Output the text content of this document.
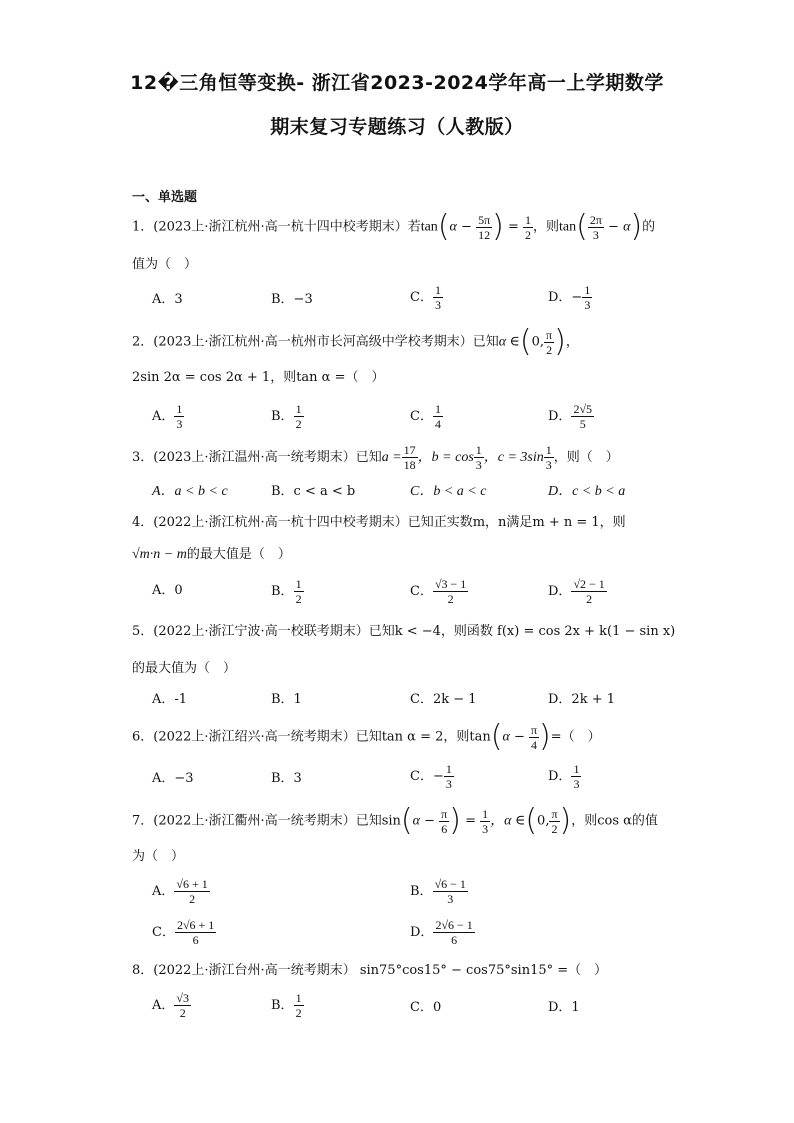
12�三角恒等变换- 浙江省2023-2024学年高一上学期数学
期末复习专题练习（人教版）
一、单选题
1．(2023上·浙江杭州·高一杭十四中校考期末）若$\tan(\alpha - \frac{5\pi}{12}$ ) = $\frac{1}{2}$ ，则$\tan( \frac{2\pi}{3} - \alpha)$的
值为（　）
A．3	B．−3	C． $\frac{1}{3}$	D．− $\frac{1}{3}$
2．(2023上·浙江杭州·高一杭州市长河高级中学校考期末）已知α ∈(0, $\frac{\pi}{2}$ )，
2sin 2α = cos 2α + 1，则tan α =（　）
A． $\frac{1}{3}$	B． $\frac{1}{2}$	C． $\frac{1}{4}$	D． $\frac{2√5}{5}$
3．(2023上·浙江温州·高一统考期末）已知$a = \frac{17}{18}$ ，$b = \cos \frac{1}{3}$ ，$c = 3\sin \frac{1}{3}$ ，则（　）
A．a < b < c	B．c < a < b	C．b < a < c	D．c < b < a
4．(2022上·浙江杭州·高一杭十四中校考期末）已知正实数m，n满足m + n = 1，则
√m·n − m的最大值是（　）
A．0	B． $\frac{1}{2}$	C． $\frac{√3 - 1}{2}$	D． $\frac{√2 - 1}{2}$
5．(2022上·浙江宁波·高一校联考期末）已知k < −4，则函数 f(x) = cos 2x + k(1 − sin x)
的最大值为（　）
A．-1	B．1	C．2k − 1	D．2k + 1
6．(2022上·浙江绍兴·高一统考期末）已知tan α = 2，则$\tan(\alpha - \frac{\pi}{4}$ )=（　）
A．−3	B．3	C．− $\frac{1}{3}$	D． $\frac{1}{3}$
7．(2022上·浙江衢州·高一统考期末）已知$\sin(\alpha - \frac{\pi}{6}$ ) = $\frac{1}{3}$ ，α ∈(0, $\frac{\pi}{2}$ )，则cos α的值
为（　）
A． $\frac{√6 + 1}{2}$	B． $\frac{√6 - 1}{3}$
C． $\frac{2√6 + 1}{6}$	D． $\frac{2√6 - 1}{6}$
8．(2022上·浙江台州·高一统考期末） sin75°cos15° − cos75°sin15° =（　）
A． $\frac{√3}{2}$	B． $\frac{1}{2}$	C．0	D．1
